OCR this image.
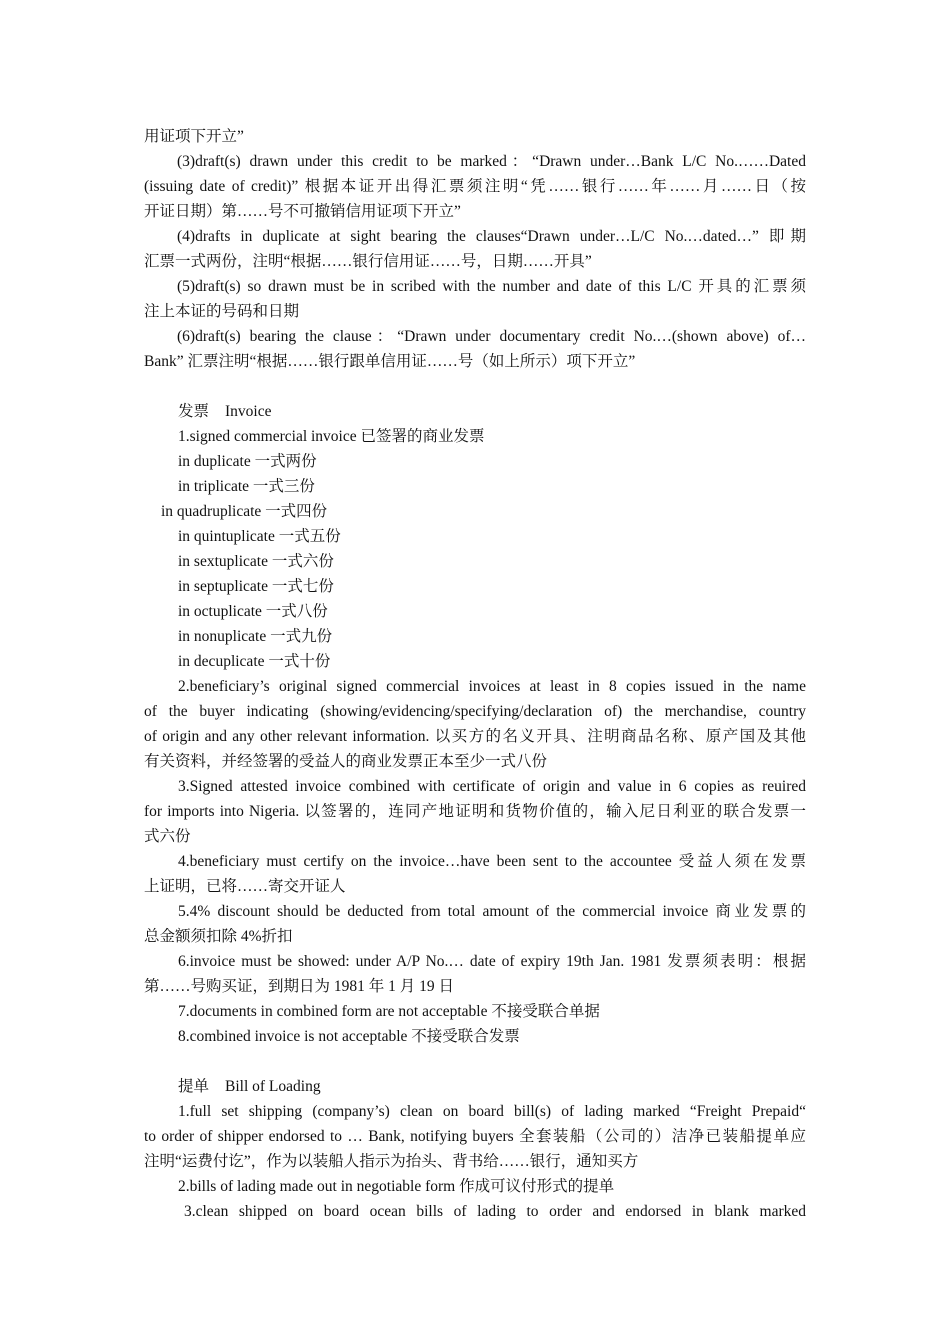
用证项下开立”
(3)draft(s) drawn under this credit to be marked：“Drawn under…Bank L/C No.……Dated
(issuing date of credit)” 根据本证开出得汇票须注明“凭……银行……年……月……日（按
开证日期）第……号不可撤销信用证项下开立”
(4)drafts in duplicate at sight bearing the clauses“Drawn under…L/C No.…dated…” 即期
汇票一式两份，注明“根据……银行信用证……号，日期……开具”
(5)draft(s) so drawn must be in scribed with the number and date of this L/C 开具的汇票须
注上本证的号码和日期
(6)draft(s) bearing the clause：“Drawn under documentary credit No.…(shown above) of…
Bank” 汇票注明“根据……银行跟单信用证……号（如上所示）项下开立”
发票 Invoice
1.signed commercial invoice 已签署的商业发票
in duplicate 一式两份
in triplicate 一式三份
in quadruplicate 一式四份
in quintuplicate 一式五份
in sextuplicate 一式六份
in septuplicate 一式七份
in octuplicate 一式八份
in nonuplicate 一式九份
in decuplicate 一式十份
2.beneficiary’s original signed commercial invoices at least in 8 copies issued in the name
of the buyer indicating (showing/evidencing/specifying/declaration of) the merchandise, country
of origin and any other relevant information. 以买方的名义开具、注明商品名称、原产国及其他
有关资料，并经签署的受益人的商业发票正本至少一式八份
3.Signed attested invoice combined with certificate of origin and value in 6 copies as reuired
for imports into Nigeria. 以签署的，连同产地证明和货物价值的，输入尼日利亚的联合发票一
式六份
4.beneficiary must certify on the invoice…have been sent to the accountee 受益人须在发票
上证明，已将……寄交开证人
5.4% discount should be deducted from total amount of the commercial invoice 商业发票的
总金额须扣除 4%折扣
6.invoice must be showed: under A/P No.… date of expiry 19th Jan. 1981 发票须表明：根据
第……号购买证，到期日为 1981 年 1 月 19 日
7.documents in combined form are not acceptable 不接受联合单据
8.combined invoice is not acceptable 不接受联合发票
提单 Bill of Loading
1.full set shipping (company’s) clean on board bill(s) of lading marked “Freight Prepaid“
to order of shipper endorsed to … Bank, notifying buyers 全套装船（公司的）洁净已装船提单应
注明“运费付讫”，作为以装船人指示为抬头、背书给……银行，通知买方
2.bills of lading made out in negotiable form 作成可议付形式的提单
3.clean shipped on board ocean bills of lading to order and endorsed in blank marked
